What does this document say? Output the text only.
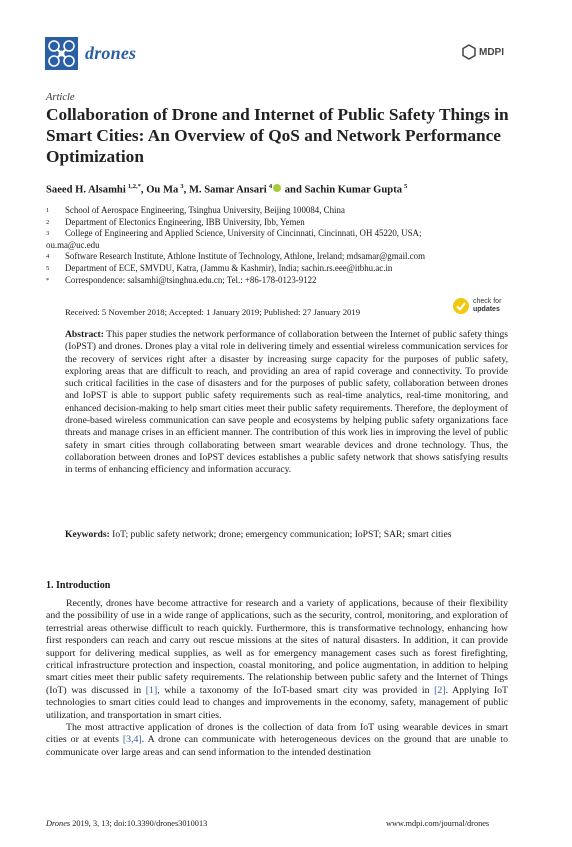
drones	MDPI
Article
Collaboration of Drone and Internet of Public Safety Things in Smart Cities: An Overview of QoS and Network Performance Optimization
Saeed H. Alsamhi  $^{1,2,*}$, Ou Ma  $^3$, M. Samar Ansari  $^4$ and Sachin Kumar Gupta  $^5$
1	School of Aerospace Engineering, Tsinghua University, Beijing 100084, China
2	Department of Electonics Engineering, IBB University, Ibb, Yemen
3	College of Engineering and Applied Science, University of Cincinnati, Cincinnati, OH 45220, USA;
ou.ma@uc.edu
4	Software Research Institute, Athlone Institute of Technology, Athlone, Ireland; mdsamar@gmail.com
5	Department of ECE, SMVDU, Katra, (Jammu & Kashmir), India; sachin.rs.eee@itbhu.ac.in
*	Correspondence: salsamhi@tsinghua.edu.cn; Tel.: +86-178-0123-9122
Received: 5 November 2018; Accepted: 1 January 2019; Published: 27 January 2019
check for
updates
Abstract: This paper studies the network performance of collaboration between the Internet of public safety things (IoPST) and drones. Drones play a vital role in delivering timely and essential wireless communication services for the recovery of services right after a disaster by increasing surge capacity for the purposes of public safety, exploring areas that are difficult to reach, and providing an area of rapid coverage and connectivity. To provide such critical facilities in the case of disasters and for the purposes of public safety, collaboration between drones and IoPST is able to support public safety requirements such as real-time analytics, real-time monitoring, and enhanced decision-making to help smart cities meet their public safety requirements. Therefore, the deployment of drone-based wireless communication can save people and ecosystems by helping public safety organizations face threats and manage crises in an efficient manner. The contribution of this work lies in improving the level of public safety in smart cities through collaborating between smart wearable devices and drone technology. Thus, the collaboration between drones and IoPST devices establishes a public safety network that shows satisfying results in terms of enhancing efficiency and information accuracy.
Keywords: IoT; public safety network; drone; emergency communication; IoPST; SAR; smart cities
1. Introduction

Recently, drones have become attractive for research and a variety of applications, because of their flexibility and the possibility of use in a wide range of applications, such as the security, control, monitoring, and exploration of terrestrial areas otherwise difficult to reach quickly. Furthermore, this is transformative technology, enhancing how first responders can reach and carry out rescue missions at the sites of natural disasters. In addition, it can provide support for delivering medical supplies, as well as for emergency management cases such as forest firefighting, critical infrastructure protection and inspection, coastal monitoring, and police augmentation, in addition to helping smart cities meet their public safety requirements. The relationship between public safety and the Internet of Things (IoT) was discussed in [1], while a taxonomy of the IoT-based smart city was provided in [2]. Applying IoT technologies to smart cities could lead to changes and improvements in the economy, safety, management of public utilization, and transportation in smart cities.

The most attractive application of drones is the collection of data from IoT using wearable devices in smart cities or at events [3,4]. A drone can communicate with heterogeneous devices on the ground that are unable to communicate over large areas and can send information to the intended destination

Drones 2019, 3, 13; doi:10.3390/drones3010013	www.mdpi.com/journal/drones
